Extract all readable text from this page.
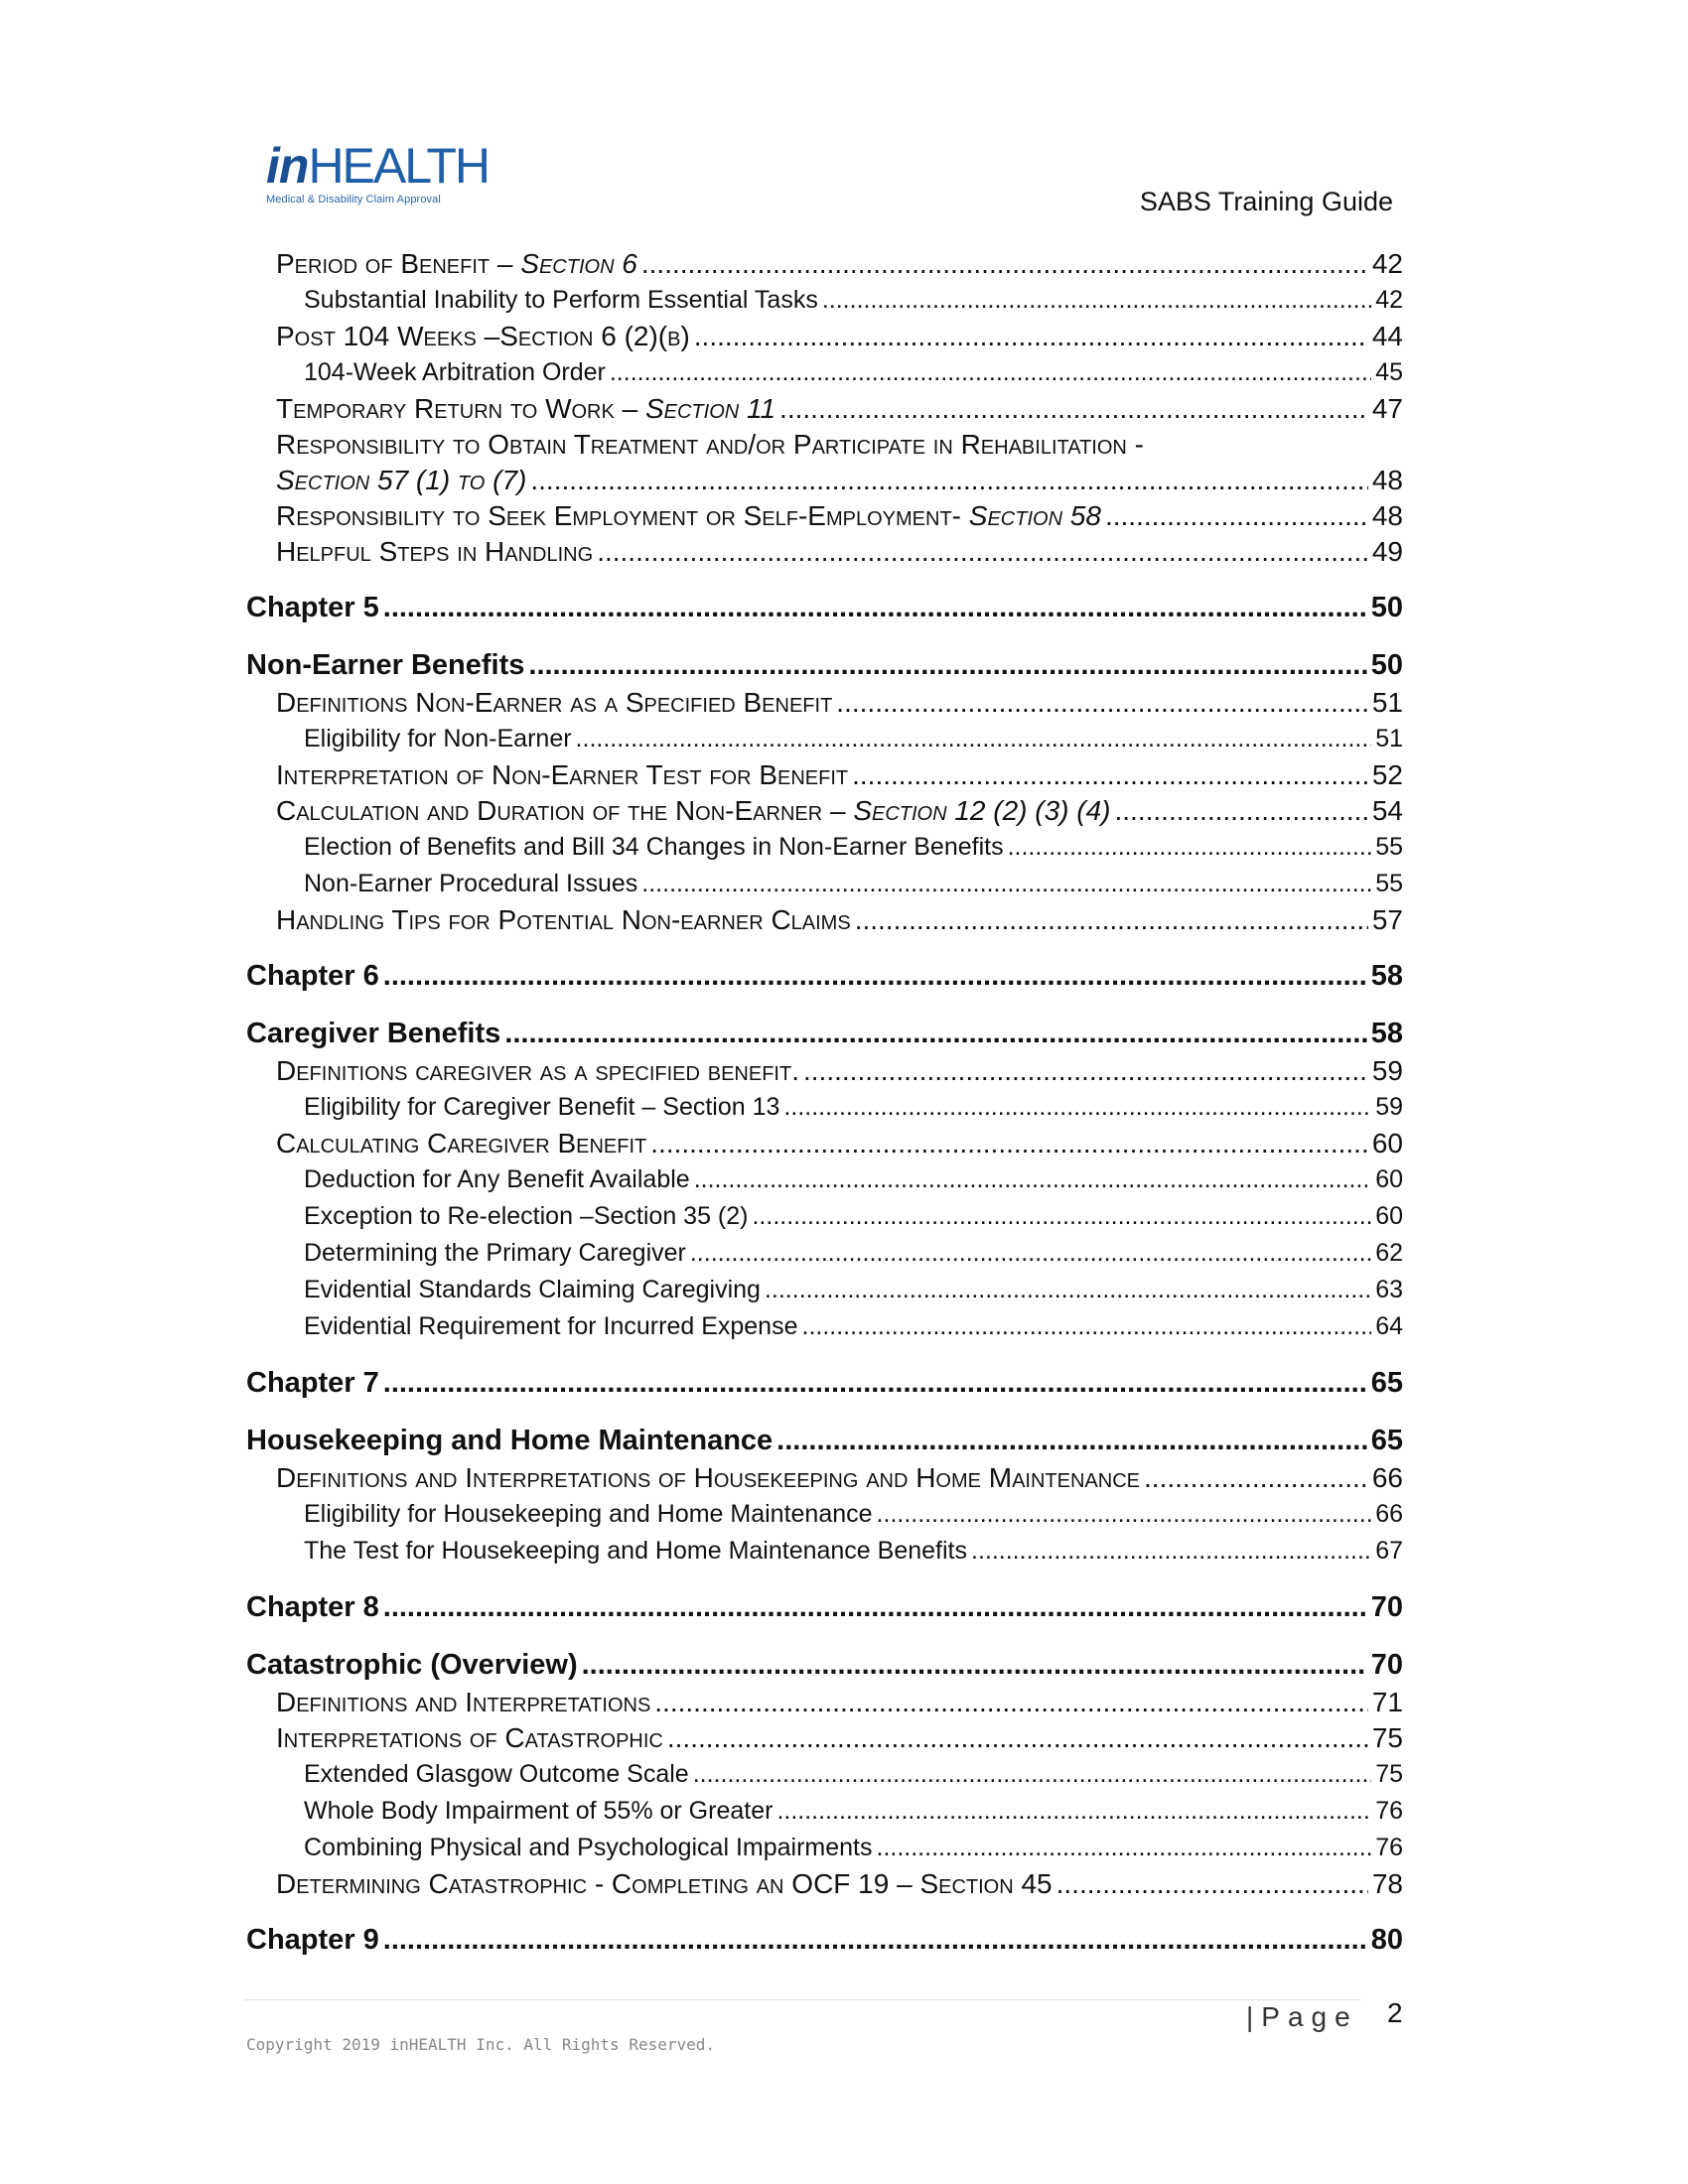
inHEALTH
Medical & Disability Claim Approval	SABS Training Guide
Period of Benefit – Section 6 .....	42
Substantial Inability to Perform Essential Tasks .....	42
Post 104 Weeks –Section 6 (2)(b) .....	44
104-Week Arbitration Order .....	45
Temporary Return to Work – Section 11 .....	47
Responsibility to Obtain Treatment and/or Participate in Rehabilitation -
Section 57 (1) to (7) .....	48
Responsibility to Seek Employment or Self-Employment- Section 58 .....	48
Helpful Steps in Handling .....	49
Chapter 5 .....	50
Non-Earner Benefits .....	50
Definitions Non-Earner as a Specified Benefit .....	51
Eligibility for Non-Earner .....	51
Interpretation of Non-Earner Test for Benefit .....	52
Calculation and Duration of the Non-Earner – Section 12 (2) (3) (4) .....	54
Election of Benefits and Bill 34 Changes in Non-Earner Benefits .....	55
Non-Earner Procedural Issues .....	55
Handling Tips for Potential Non-earner Claims .....	57
Chapter 6 .....	58
Caregiver Benefits .....	58
Definitions caregiver as a specified benefit. .....	59
Eligibility for Caregiver Benefit – Section 13 .....	59
Calculating Caregiver Benefit .....	60
Deduction for Any Benefit Available .....	60
Exception to Re-election –Section 35 (2) .....	60
Determining the Primary Caregiver .....	62
Evidential Standards Claiming Caregiving .....	63
Evidential Requirement for Incurred Expense .....	64
Chapter 7 .....	65
Housekeeping and Home Maintenance .....	65
Definitions and Interpretations of Housekeeping and Home Maintenance .....	66
Eligibility for Housekeeping and Home Maintenance .....	66
The Test for Housekeeping and Home Maintenance Benefits .....	67
Chapter 8 .....	70
Catastrophic (Overview) .....	70
Definitions and Interpretations .....	71
Interpretations of Catastrophic .....	75
Extended Glasgow Outcome Scale .....	75
Whole Body Impairment of 55% or Greater .....	76
Combining Physical and Psychological Impairments .....	76
Determining Catastrophic - Completing an OCF 19 – Section 45 .....	78
Chapter 9 .....	80
|Page 2
Copyright 2019 inHEALTH Inc. All Rights Reserved.
